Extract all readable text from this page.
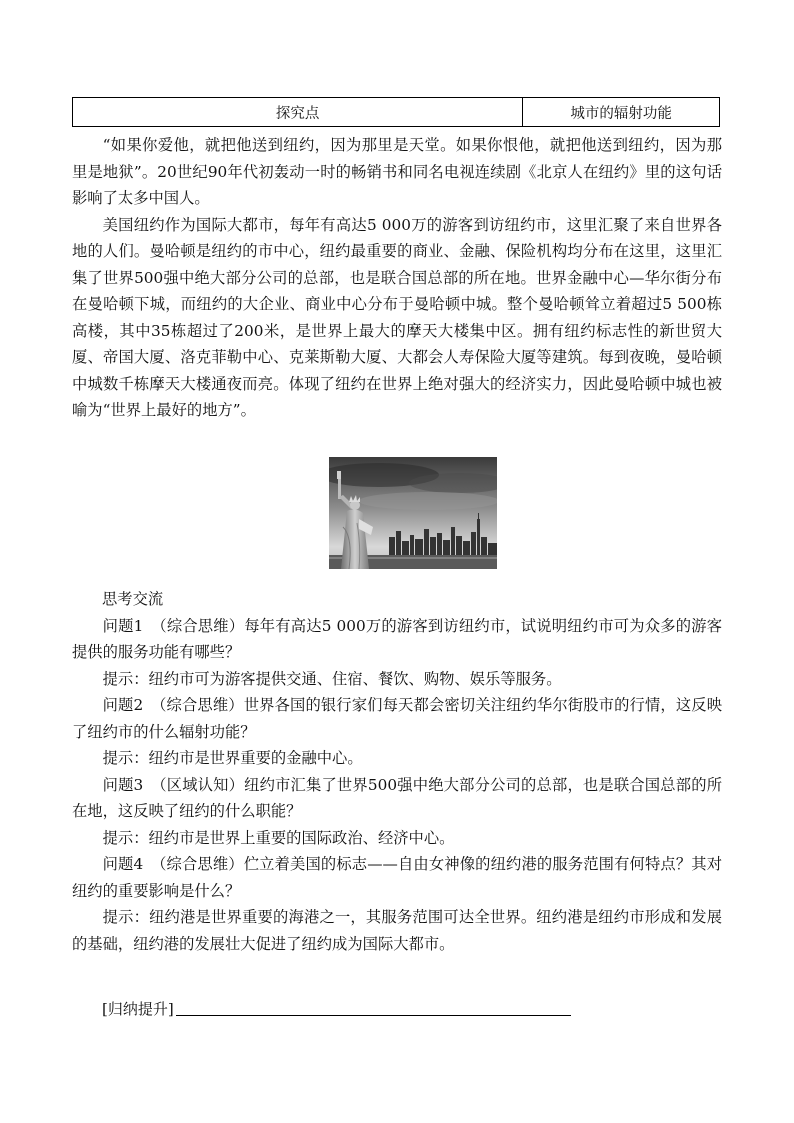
探究点	城市的辐射功能

“如果你爱他，就把他送到纽约，因为那里是天堂。如果你恨他，就把他送到纽约，因为那里是地狱”。20世纪90年代初轰动一时的畅销书和同名电视连续剧《北京人在纽约》里的这句话影响了太多中国人。

美国纽约作为国际大都市，每年有高达5 000万的游客到访纽约市，这里汇聚了来自世界各地的人们。曼哈顿是纽约的市中心，纽约最重要的商业、金融、保险机构均分布在这里，这里汇集了世界500强中绝大部分公司的总部，也是联合国总部的所在地。世界金融中心—华尔街分布在曼哈顿下城，而纽约的大企业、商业中心分布于曼哈顿中城。整个曼哈顿耸立着超过5 500栋高楼，其中35栋超过了200米，是世界上最大的摩天大楼集中区。拥有纽约标志性的新世贸大厦、帝国大厦、洛克菲勒中心、克莱斯勒大厦、大都会人寿保险大厦等建筑。每到夜晚，曼哈顿中城数千栋摩天大楼通夜而亮。体现了纽约在世界上绝对强大的经济实力，因此曼哈顿中城也被喻为“世界上最好的地方”。

思考交流

问题1　（综合思维）每年有高达5 000万的游客到访纽约市，试说明纽约市可为众多的游客提供的服务功能有哪些？

提示：纽约市可为游客提供交通、住宿、餐饮、购物、娱乐等服务。

问题2　（综合思维）世界各国的银行家们每天都会密切关注纽约华尔街股市的行情，这反映了纽约市的什么辐射功能？

提示：纽约市是世界重要的金融中心。

问题3　（区域认知）纽约市汇集了世界500强中绝大部分公司的总部，也是联合国总部的所在地，这反映了纽约的什么职能？

提示：纽约市是世界上重要的国际政治、经济中心。

问题4　（综合思维）伫立着美国的标志——自由女神像的纽约港的服务范围有何特点？其对纽约的重要影响是什么？

提示：纽约港是世界重要的海港之一，其服务范围可达全世界。纽约港是纽约市形成和发展的基础，纽约港的发展壮大促进了纽约成为国际大都市。

[归纳提升]
